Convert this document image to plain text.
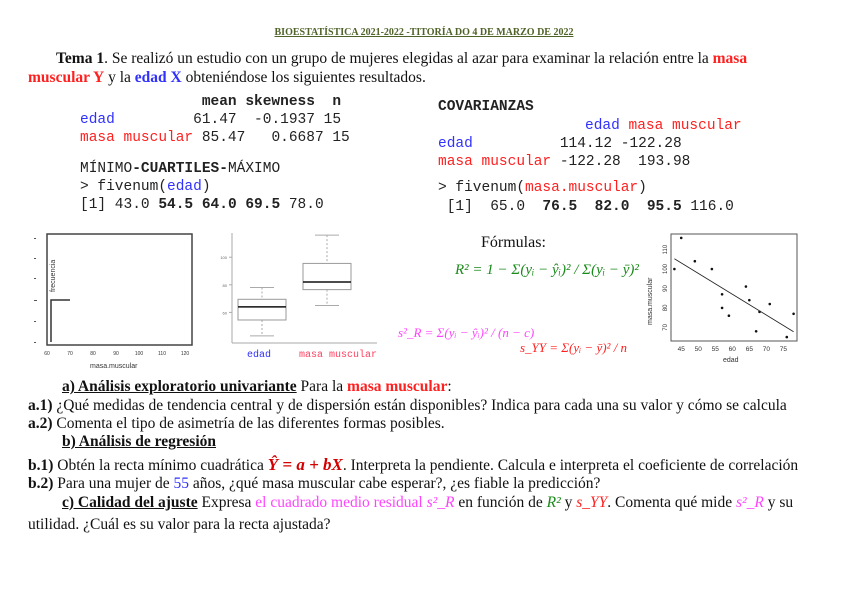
BIOESTATÍSTICA 2021-2022 -TITORÍA DO 4 DE MARZO DE 2022
Tema 1. Se realizó un estudio con un grupo de mujeres elegidas al azar para examinar la relación entre la masa
muscular Y y la edad X obteniéndose los siguientes resultados.
mean skewness  n
edad         61.47  -0.1937 15
masa muscular 85.47   0.6687 15
MÍNIMO-CUARTILES-MÁXIMO
> fivenum(edad)
[1] 43.0 54.5 64.0 69.5 78.0
COVARIANZAS
edad masa muscular
edad	114.12 -122.28
masa muscular -122.28  193.98
> fivenum(masa.muscular)
[1]  65.0  76.5  82.0  95.5 116.0
frecuencia
60	70	80	90	100	110	120
masa.muscular
edad	masa muscular
60
80
100
Fórmulas:
R² = 1 − Σ(yᵢ − ŷᵢ)² / Σ(yᵢ − ȳ)²
s²_R = Σ(yᵢ − ŷᵢ)² / (n − c)
s_YY = Σ(yᵢ − ȳ)² / n
edad
masa.muscular
45 50 55 60 65 70 75
70
80
90
100
110
a) Análisis exploratorio univariante Para la masa muscular:
a.1) ¿Qué medidas de tendencia central y de dispersión están disponibles? Indica para cada una su valor y cómo se calcula
a.2) Comenta el tipo de asimetría de las diferentes formas posibles.
b) Análisis de regresión
b.1) Obtén la recta mínimo cuadrática Ŷ = a + bX. Interpreta la pendiente. Calcula e interpreta el coeficiente de correlación
b.2) Para una mujer de 55 años, ¿qué masa muscular cabe esperar?, ¿es fiable la predicción?
c) Calidad del ajuste Expresa el cuadrado medio residual s²_R en función de R² y s_YY. Comenta qué mide s²_R y su
utilidad. ¿Cuál es su valor para la recta ajustada?
